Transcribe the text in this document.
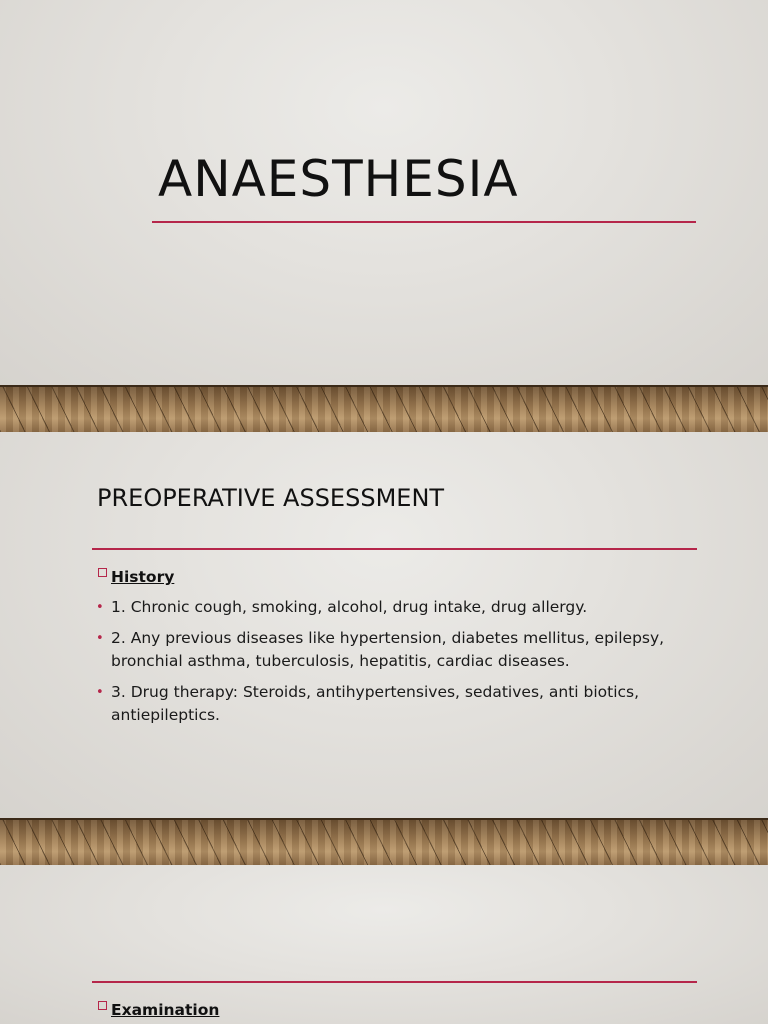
ANAESTHESIA
PREOPERATIVE ASSESSMENT
History
• 1. Chronic cough, smoking, alcohol, drug intake, drug allergy.
• 2. Any previous diseases like hypertension, diabetes mellitus, epilepsy, bronchial asthma, tuberculosis, hepatitis, cardiac diseases.
• 3. Drug therapy: Steroids, antihypertensives, sedatives, anti biotics, antiepileptics.
Examination
